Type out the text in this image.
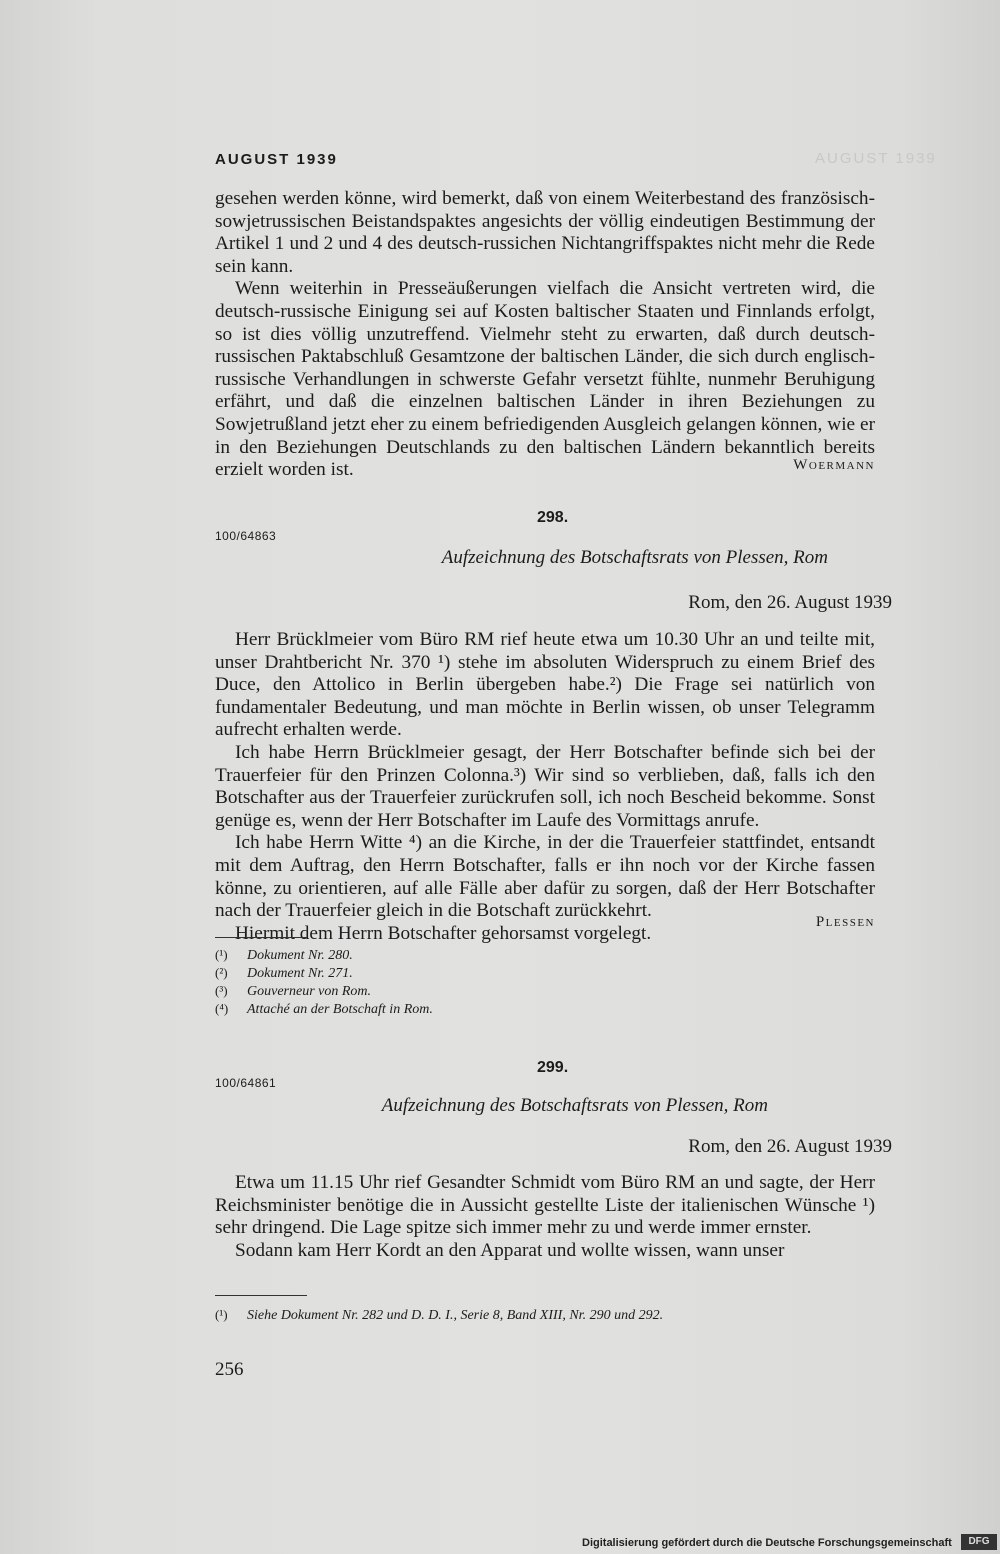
AUGUST 1939
AUGUST 1939

gesehen werden könne, wird bemerkt, daß von einem Weiterbestand des französisch-sowjetrussischen Beistandspaktes angesichts der völlig eindeutigen Bestimmung der Artikel 1 und 2 und 4 des deutsch-russichen Nichtangriffspaktes nicht mehr die Rede sein kann.

Wenn weiterhin in Presseäußerungen vielfach die Ansicht vertreten wird, die deutsch-russische Einigung sei auf Kosten baltischer Staaten und Finnlands erfolgt, so ist dies völlig unzutreffend. Vielmehr steht zu erwarten, daß durch deutsch-russischen Paktabschluß Gesamtzone der baltischen Länder, die sich durch englisch-russische Verhandlungen in schwerste Gefahr versetzt fühlte, nunmehr Beruhigung erfährt, und daß die einzelnen baltischen Länder in ihren Beziehungen zu Sowjetrußland jetzt eher zu einem befriedigenden Ausgleich gelangen können, wie er in den Beziehungen Deutschlands zu den baltischen Ländern bekanntlich bereits erzielt worden ist.	Woermann
298.
100/64863
Aufzeichnung des Botschaftsrats von Plessen, Rom
Rom, den 26. August 1939

Herr Brücklmeier vom Büro RM rief heute etwa um 10.30 Uhr an und teilte mit, unser Drahtbericht Nr. 370 ¹) stehe im absoluten Widerspruch zu einem Brief des Duce, den Attolico in Berlin übergeben habe.²) Die Frage sei natürlich von fundamentaler Bedeutung, und man möchte in Berlin wissen, ob unser Telegramm aufrecht erhalten werde.

Ich habe Herrn Brücklmeier gesagt, der Herr Botschafter befinde sich bei der Trauerfeier für den Prinzen Colonna.³) Wir sind so verblieben, daß, falls ich den Botschafter aus der Trauerfeier zurückrufen soll, ich noch Bescheid bekomme. Sonst genüge es, wenn der Herr Botschafter im Laufe des Vormittags anrufe.

Ich habe Herrn Witte ⁴) an die Kirche, in der die Trauerfeier stattfindet, entsandt mit dem Auftrag, den Herrn Botschafter, falls er ihn noch vor der Kirche fassen könne, zu orientieren, auf alle Fälle aber dafür zu sorgen, daß der Herr Botschafter nach der Trauerfeier gleich in die Botschaft zurückkehrt.

Hiermit dem Herrn Botschafter gehorsamst vorgelegt.

Plessen
(¹) Dokument Nr. 280.
(²) Dokument Nr. 271.
(³) Gouverneur von Rom.
(⁴) Attaché an der Botschaft in Rom.
299.
100/64861
Aufzeichnung des Botschaftsrats von Plessen, Rom
Rom, den 26. August 1939

Etwa um 11.15 Uhr rief Gesandter Schmidt vom Büro RM an und sagte, der Herr Reichsminister benötige die in Aussicht gestellte Liste der italienischen Wünsche ¹) sehr dringend. Die Lage spitze sich immer mehr zu und werde immer ernster.

Sodann kam Herr Kordt an den Apparat und wollte wissen, wann unser

(¹) Siehe Dokument Nr. 282 und D. D. I., Serie 8, Band XIII, Nr. 290 und 292.
256
Digitalisierung gefördert durch die Deutsche Forschungsgemeinschaft	DFG
